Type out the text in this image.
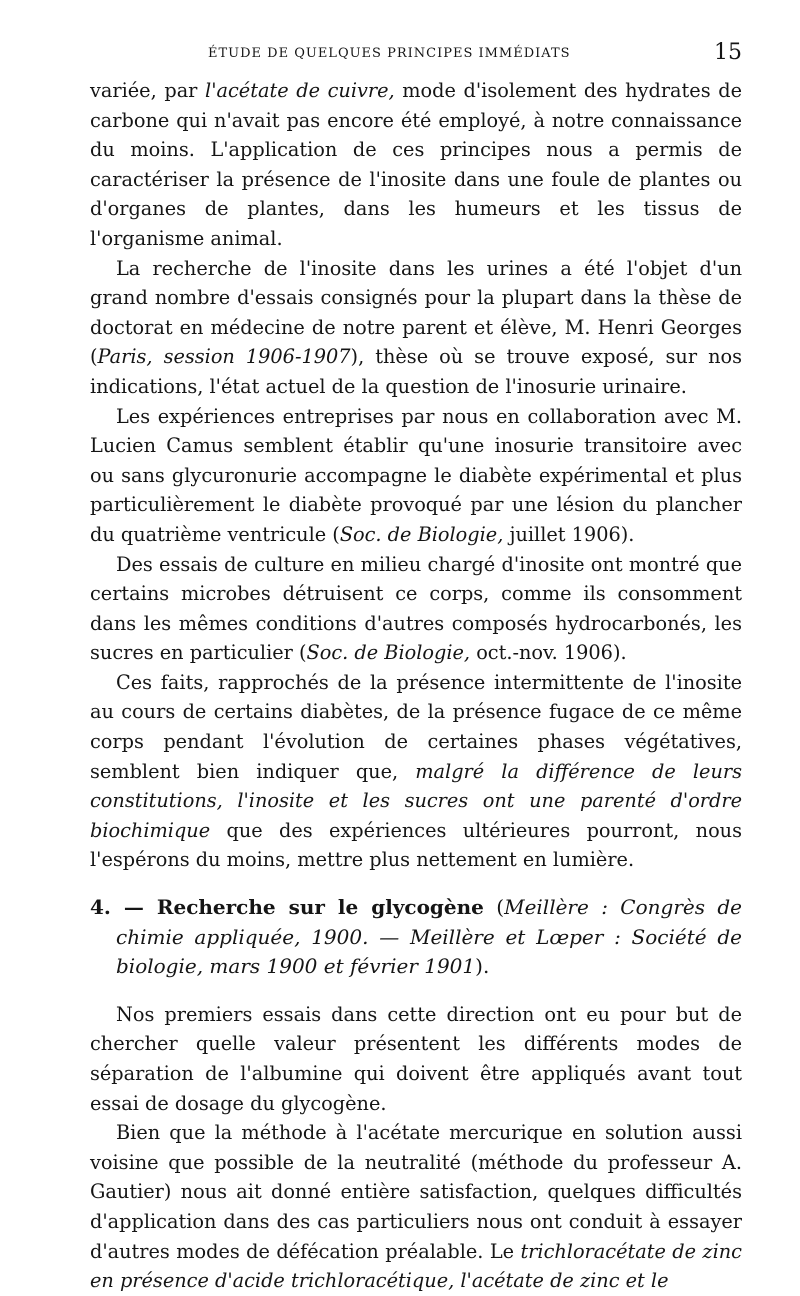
ÉTUDE DE QUELQUES PRINCIPES IMMÉDIATS	15

variée, par l'acétate de cuivre, mode d'isolement des hydrates de carbone qui n'avait pas encore été employé, à notre connaissance du moins. L'application de ces principes nous a permis de caractériser la présence de l'inosite dans une foule de plantes ou d'organes de plantes, dans les humeurs et les tissus de l'organisme animal.

La recherche de l'inosite dans les urines a été l'objet d'un grand nombre d'essais consignés pour la plupart dans la thèse de doctorat en médecine de notre parent et élève, M. Henri Georges (Paris, session 1906-1907), thèse où se trouve exposé, sur nos indications, l'état actuel de la question de l'inosurie urinaire.

Les expériences entreprises par nous en collaboration avec M. Lucien Camus semblent établir qu'une inosurie transitoire avec ou sans glycuronurie accompagne le diabète expérimental et plus particulièrement le diabète provoqué par une lésion du plancher du quatrième ventricule (Soc. de Biologie, juillet 1906).

Des essais de culture en milieu chargé d'inosite ont montré que certains microbes détruisent ce corps, comme ils consomment dans les mêmes conditions d'autres composés hydrocarbonés, les sucres en particulier (Soc. de Biologie, oct.-nov. 1906).

Ces faits, rapprochés de la présence intermittente de l'inosite au cours de certains diabètes, de la présence fugace de ce même corps pendant l'évolution de certaines phases végétatives, semblent bien indiquer que, malgré la différence de leurs constitutions, l'inosite et les sucres ont une parenté d'ordre biochimique que des expériences ultérieures pourront, nous l'espérons du moins, mettre plus nettement en lumière.

4. — Recherche sur le glycogène (Meillère : Congrès de chimie appliquée, 1900. — Meillère et Lœper : Société de biologie, mars 1900 et février 1901).

Nos premiers essais dans cette direction ont eu pour but de chercher quelle valeur présentent les différents modes de séparation de l'albumine qui doivent être appliqués avant tout essai de dosage du glycogène.

Bien que la méthode à l'acétate mercurique en solution aussi voisine que possible de la neutralité (méthode du professeur A. Gautier) nous ait donné entière satisfaction, quelques difficultés d'application dans des cas particuliers nous ont conduit à essayer d'autres modes de défécation préalable. Le trichloracétate de zinc en présence d'acide trichloracétique, l'acétate de zinc et le
